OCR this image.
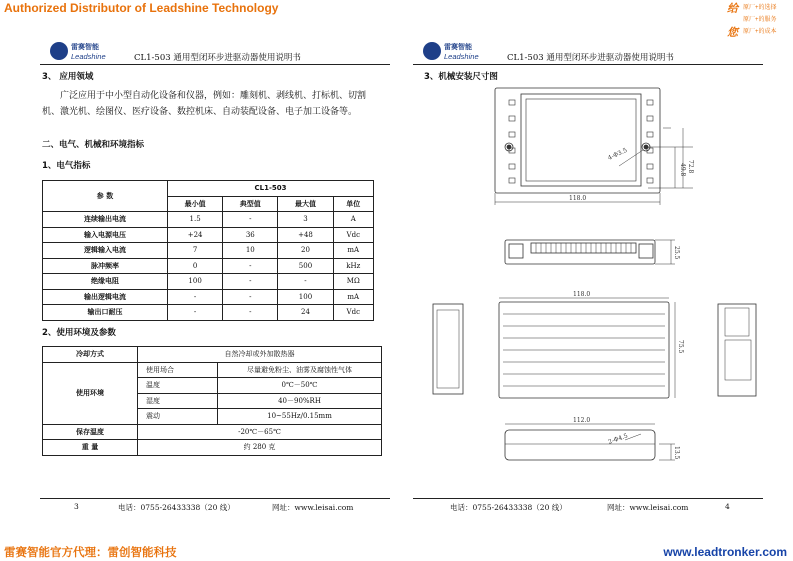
Authorized Distributor of Leadshine Technology	给 原厂+的选择
原厂+的服务
您 原厂+的成本
雷赛智能
Leadshine	CL1-503 通用型闭环步进驱动器使用说明书
雷赛智能
Leadshine	CL1-503 通用型闭环步进驱动器使用说明书
3、 应用领域
广泛应用于中小型自动化设备和仪器，例如：雕刻机、剥线机、打标机、切割机、激光机、绘图仪、医疗设备、数控机床、自动装配设备、电子加工设备等。
二、电气、机械和环境指标
1、电气指标
参 数	CL1-503			
	最小值	典型值	最大值	单位
连续输出电流	1.5	-	3	A
输入电源电压	+24	36	+48	Vdc
逻辑输入电流	7	10	20	mA
脉冲频率	0	-	500	kHz
绝缘电阻	100	-	-	MΩ
输出逻辑电流	-	-	100	mA
输出口耐压	-	-	24	Vdc
2、使用环境及参数
冷却方式	自然冷却或外加散热器	
使用环境	使用场合	尽量避免粉尘、油雾及腐蚀性气体
	温度	0℃－50℃
	湿度	40－90%RH
	震动	10~55Hz/0.15mm
保存温度	-20℃－65℃	
重 量	约 280 克	
3	电话：0755-26433338（20 线）	网址：www.leisai.com
3、机械安装尺寸图
118.0
4-Φ3.5
49.8 72.8
25.5
118.0
75.5
112.0
2-Φ4.5
13.5
电话：0755-26433338（20 线）	网址：www.leisai.com	4
雷赛智能官方代理：雷创智能科技	www.leadtronker.com
